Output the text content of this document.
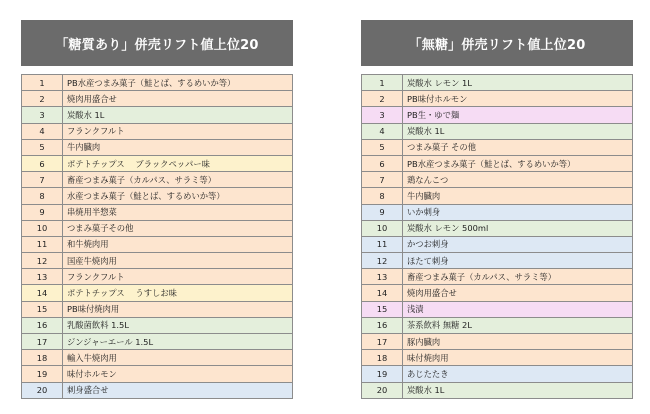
「糖質あり」併売リフト値上位20
1	PB水産つまみ菓子（鮭とば、するめいか等）
2	焼肉用盛合せ
3	炭酸水 1L
4	フランクフルト
5	牛内臓肉
6	ポテトチップス　 ブラックペッパー味
7	畜産つまみ菓子（カルパス、サラミ等）
8	水産つまみ菓子（鮭とば、するめいか等）
9	串焼用半惣菜
10	つまみ菓子その他
11	和牛焼肉用
12	国産牛焼肉用
13	フランクフルト
14	ポテトチップス　 うすしお味
15	PB味付焼肉用
16	乳酸菌飲料 1.5L
17	ジンジャーエール 1.5L
18	輸入牛焼肉用
19	味付ホルモン
20	刺身盛合せ
「無糖」併売リフト値上位20
1	炭酸水 レモン 1L
2	PB味付ホルモン
3	PB生・ゆで麺
4	炭酸水 1L
5	つまみ菓子 その他
6	PB水産つまみ菓子（鮭とば、するめいか等）
7	鶏なんこつ
8	牛内臓肉
9	いか刺身
10	炭酸水 レモン 500ml
11	かつお刺身
12	ほたて刺身
13	畜産つまみ菓子（カルパス、サラミ等）
14	焼肉用盛合せ
15	浅漬
16	茶系飲料 無糖 2L
17	豚内臓肉
18	味付焼肉用
19	あじたたき
20	炭酸水 1L
